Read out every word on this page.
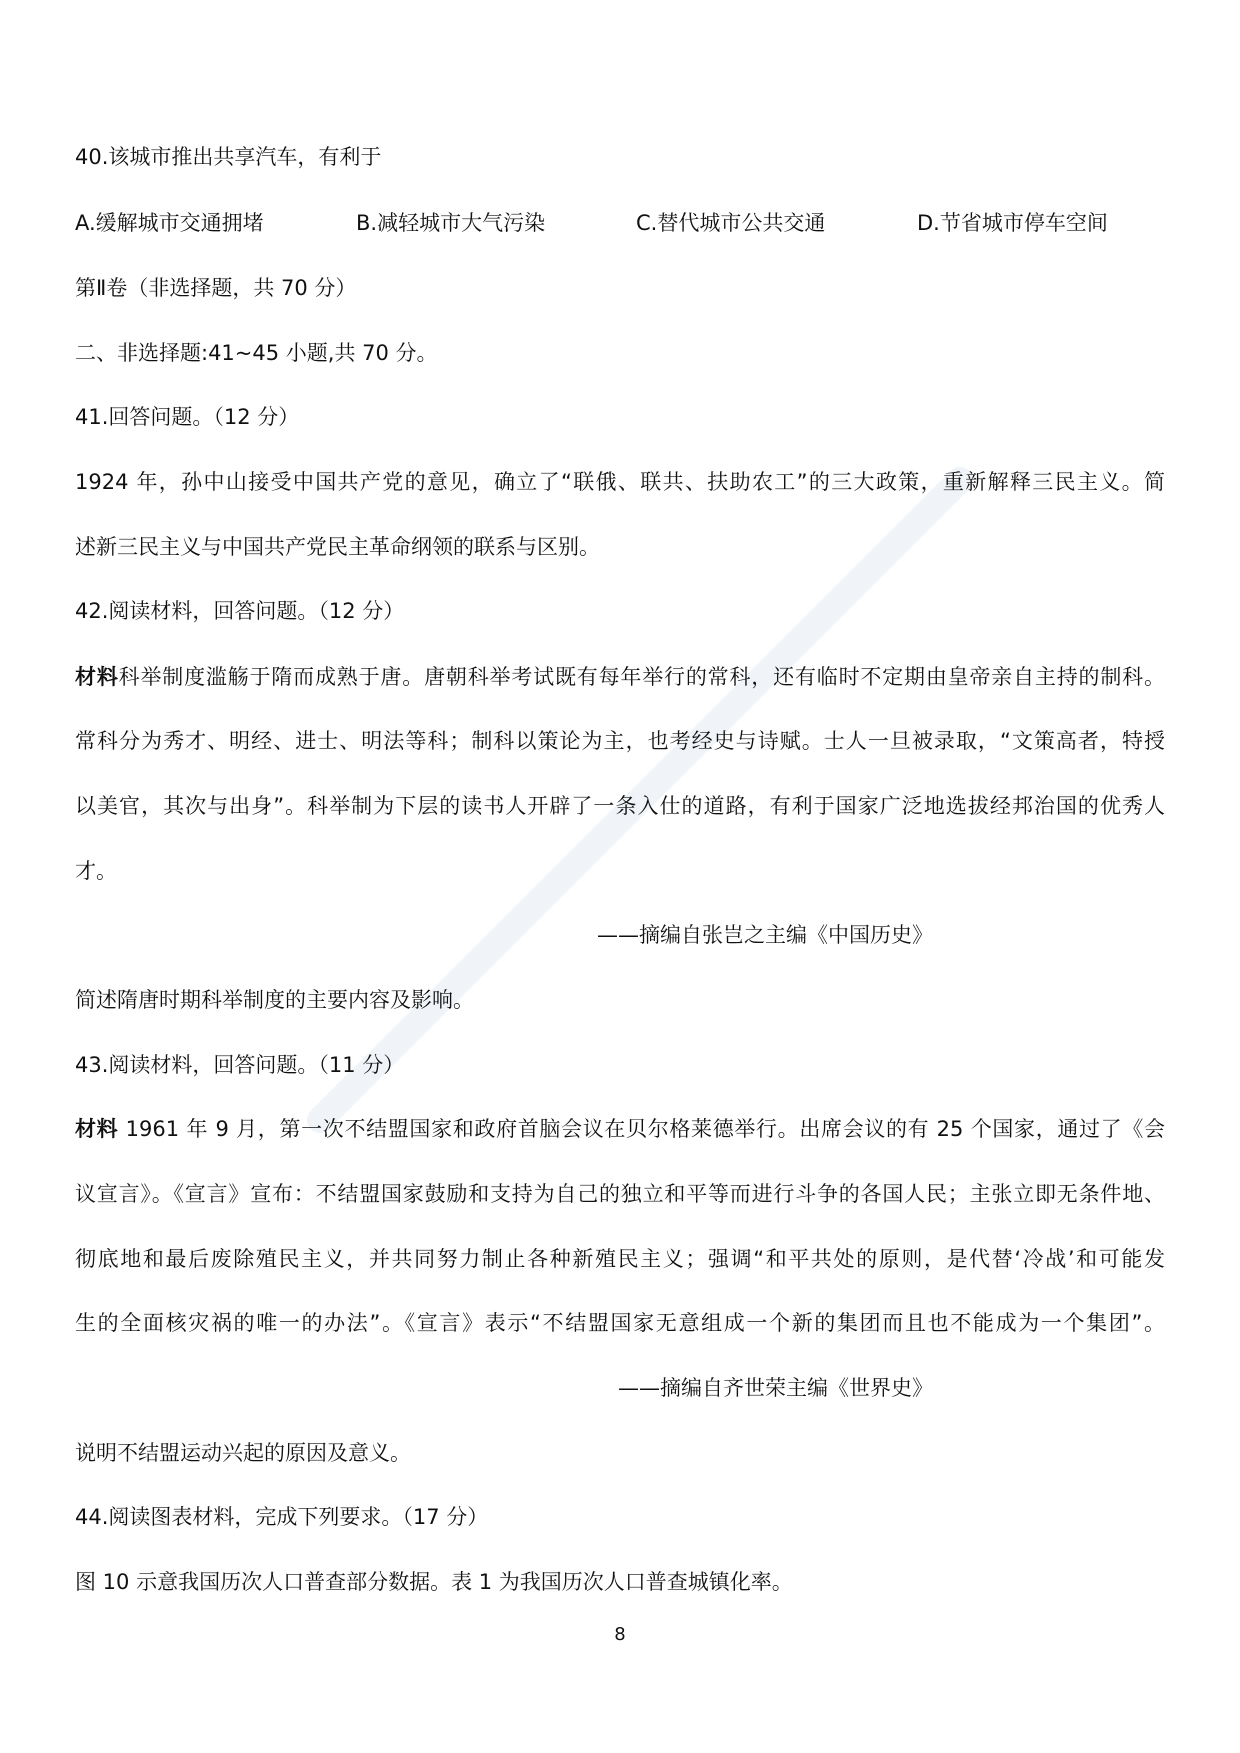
40.该城市推出共享汽车，有利于
A.缓解城市交通拥堵	B.减轻城市大气污染	C.替代城市公共交通	D.节省城市停车空间
第Ⅱ卷（非选择题，共 70 分）
二、非选择题:41~45 小题,共 70 分。
41.回答问题。（12 分）
1924 年，孙中山接受中国共产党的意见，确立了“联俄、联共、扶助农工”的三大政策，重新解释三民主义。简
述新三民主义与中国共产党民主革命纲领的联系与区别。
42.阅读材料，回答问题。（12 分）
材料科举制度滥觞于隋而成熟于唐。唐朝科举考试既有每年举行的常科，还有临时不定期由皇帝亲自主持的制科。
常科分为秀才、明经、进士、明法等科；制科以策论为主，也考经史与诗赋。士人一旦被录取，“文策高者，特授
以美官，其次与出身”。科举制为下层的读书人开辟了一条入仕的道路，有利于国家广泛地选拔经邦治国的优秀人
才。
——摘编自张岂之主编《中国历史》
简述隋唐时期科举制度的主要内容及影响。
43.阅读材料，回答问题。（11 分）
材料 1961 年 9 月，第一次不结盟国家和政府首脑会议在贝尔格莱德举行。出席会议的有 25 个国家，通过了《会
议宣言》。《宣言》宣布：不结盟国家鼓励和支持为自己的独立和平等而进行斗争的各国人民；主张立即无条件地、
彻底地和最后废除殖民主义，并共同努力制止各种新殖民主义；强调“和平共处的原则，是代替‘冷战’和可能发
生的全面核灾祸的唯一的办法”。《宣言》表示“不结盟国家无意组成一个新的集团而且也不能成为一个集团”。
——摘编自齐世荣主编《世界史》
说明不结盟运动兴起的原因及意义。
44.阅读图表材料，完成下列要求。（17 分）
图 10 示意我国历次人口普查部分数据。表 1 为我国历次人口普查城镇化率。
8
